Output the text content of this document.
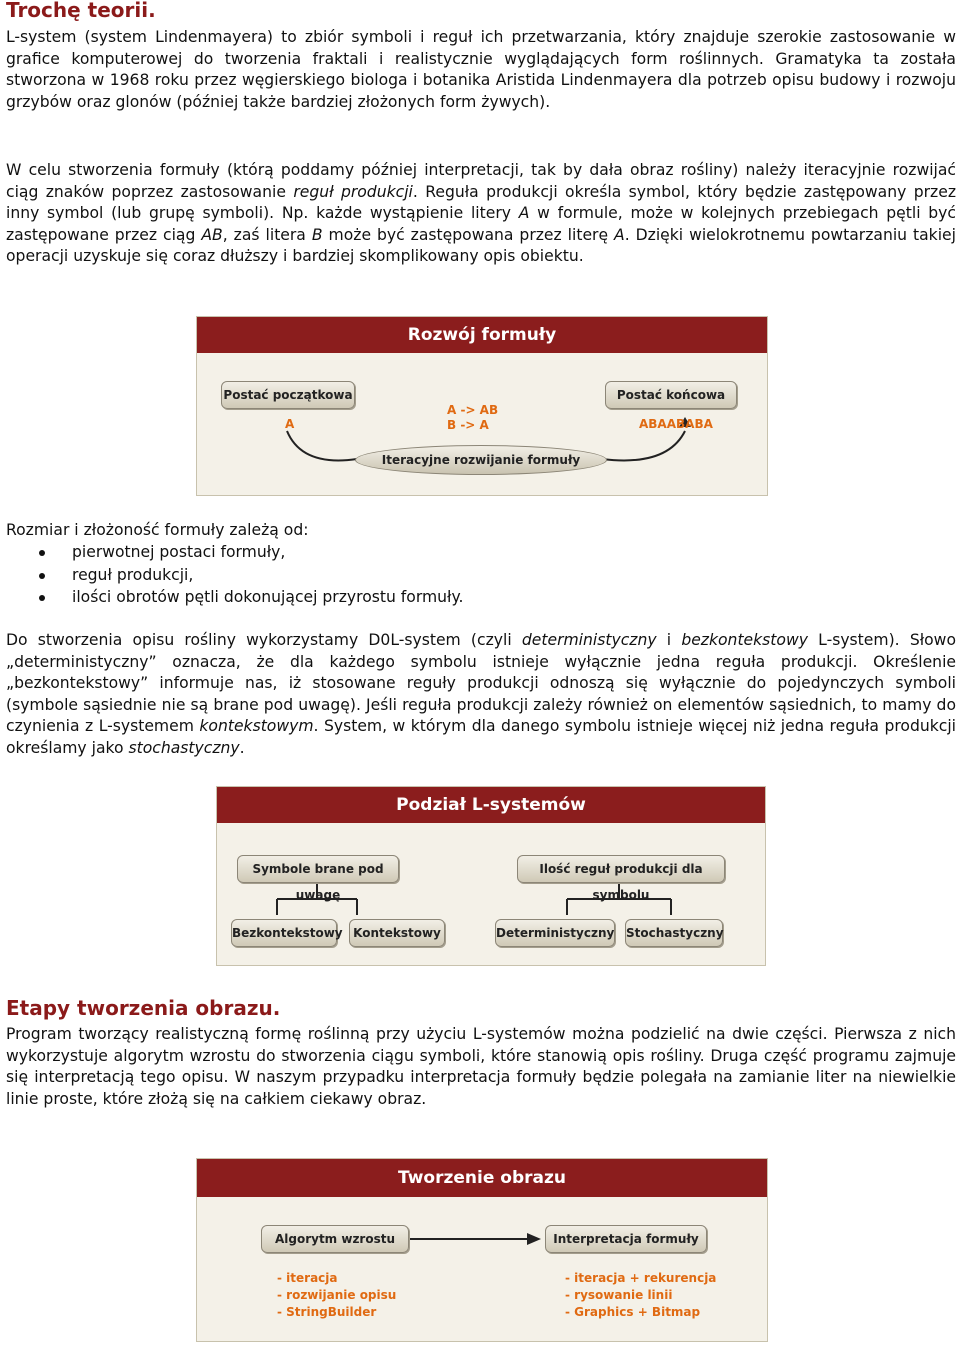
Trochę teorii.

L-system (system Lindenmayera) to zbiór symboli i reguł ich przetwarzania, który znajduje szerokie zastosowanie w grafice komputerowej do tworzenia fraktali i realistycznie wyglądających form roślinnych. Gramatyka ta została stworzona w 1968 roku przez węgierskiego biologa i botanika Aristida Lindenmayera dla potrzeb opisu budowy i rozwoju grzybów oraz glonów (później także bardziej złożonych form żywych).

W celu stworzenia formuły (którą poddamy później interpretacji, tak by dała obraz rośliny) należy iteracyjnie rozwijać ciąg znaków poprzez zastosowanie reguł produkcji. Reguła produkcji określa symbol, który będzie zastępowany przez inny symbol (lub grupę symboli). Np. każde wystąpienie litery A w formule, może w kolejnych przebiegach pętli być zastępowane przez ciąg AB, zaś litera B może być zastępowana przez literę A. Dzięki wielokrotnemu powtarzaniu takiej operacji uzyskuje się coraz dłuższy i bardziej skomplikowany opis obiektu.

Rozwój formuły
Postać początkowa
A
A -> AB
B -> A
Postać końcowa
ABAABABA
Iteracyjne rozwijanie formuły

Rozmiar i złożoność formuły zależą od:

pierwotnej postaci formuły,
reguł produkcji,
ilości obrotów pętli dokonującej przyrostu formuły.

Do stworzenia opisu rośliny wykorzystamy D0L-system (czyli deterministyczny i bezkontekstowy L-system). Słowo „deterministyczny” oznacza, że dla każdego symbolu istnieje wyłącznie jedna reguła produkcji. Określenie „bezkontekstowy” informuje nas, iż stosowane reguły produkcji odnoszą się wyłącznie do pojedynczych symboli (symbole sąsiednie nie są brane pod uwagę). Jeśli reguła produkcji zależy również on elementów sąsiednich, to mamy do czynienia z L-systemem kontekstowym. System, w którym dla danego symbolu istnieje więcej niż jedna reguła produkcji określamy jako stochastyczny.

Podział L-systemów
Symbole brane pod uwagę
Ilość reguł produkcji dla symbolu
Bezkontekstowy Kontekstowy	Deterministyczny Stochastyczny
Etapy tworzenia obrazu.

Program tworzący realistyczną formę roślinną przy użyciu L-systemów można podzielić na dwie części. Pierwsza z nich wykorzystuje algorytm wzrostu do stworzenia ciągu symboli, które stanowią opis rośliny. Druga część programu zajmuje się interpretacją tego opisu. W naszym przypadku interpretacja formuły będzie polegała na zamianie liter na niewielkie linie proste, które złożą się na całkiem ciekawy obraz.

Tworzenie obrazu
Algorytm wzrostu
- iteracja
- rozwijanie opisu
- StringBuilder
Interpretacja formuły
- iteracja + rekurencja
- rysowanie linii
- Graphics + Bitmap
